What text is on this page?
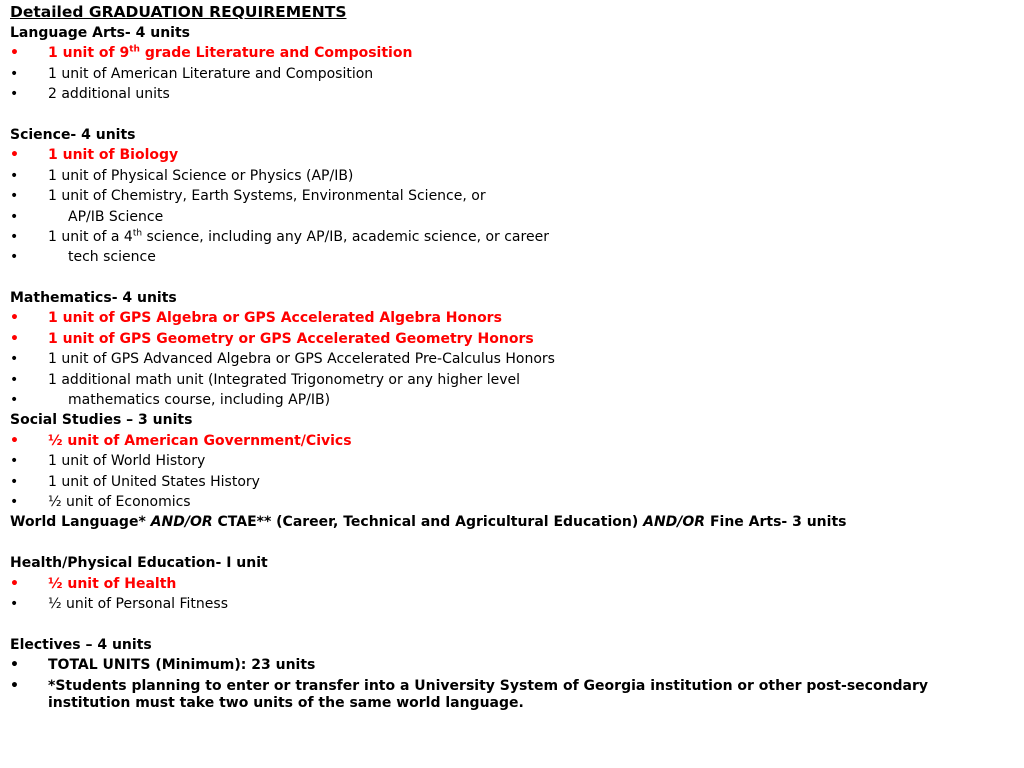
Detailed GRADUATION REQUIREMENTS
Language Arts- 4 units
• 1 unit of 9th grade Literature and Composition
• 1 unit of American Literature and Composition
• 2 additional units
Science- 4 units
• 1 unit of Biology
• 1 unit of Physical Science or Physics (AP/IB)
• 1 unit of Chemistry, Earth Systems, Environmental Science, or
•	AP/IB Science
• 1 unit of a 4th science, including any AP/IB, academic science, or career
•	tech science
Mathematics- 4 units
• 1 unit of GPS Algebra or GPS Accelerated Algebra Honors
• 1 unit of GPS Geometry or GPS Accelerated Geometry Honors
• 1 unit of GPS Advanced Algebra or GPS Accelerated Pre-Calculus Honors
• 1 additional math unit (Integrated Trigonometry or any higher level
•	mathematics course, including AP/IB)
Social Studies – 3 units
• ½ unit of American Government/Civics
• 1 unit of World History
• 1 unit of United States History
• ½ unit of Economics
World Language* AND/OR CTAE** (Career, Technical and Agricultural Education) AND/OR Fine Arts- 3 units
Health/Physical Education- I unit
• ½ unit of Health
• ½ unit of Personal Fitness
Electives – 4 units
• TOTAL UNITS (Minimum): 23 units
• *Students planning to enter or transfer into a University System of Georgia institution or other post-secondary institution must take two units of the same world language.
